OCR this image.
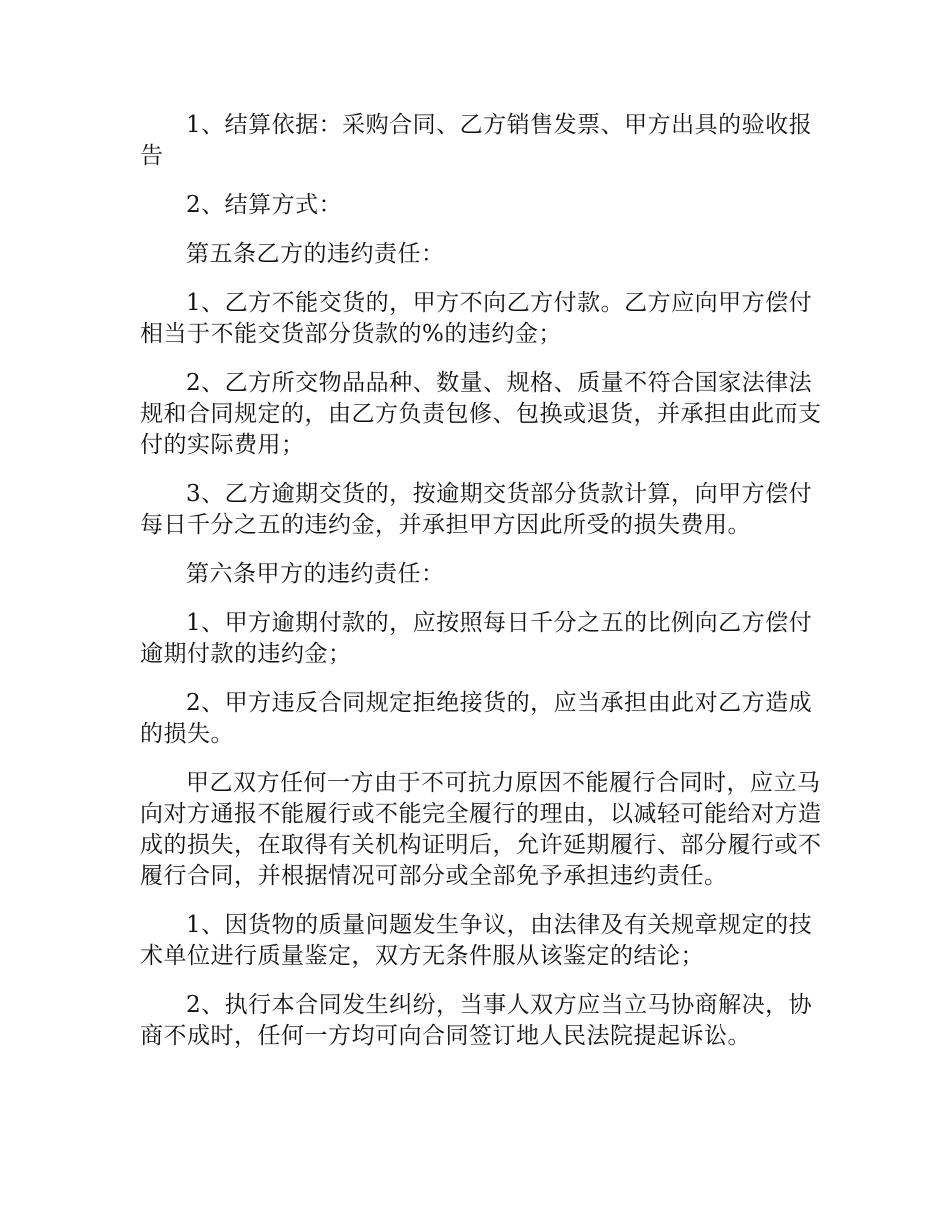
1、结算依据：采购合同、乙方销售发票、甲方出具的验收报告

2、结算方式：

第五条乙方的违约责任：

1、乙方不能交货的，甲方不向乙方付款。乙方应向甲方偿付相当于不能交货部分货款的%的违约金；

2、乙方所交物品品种、数量、规格、质量不符合国家法律法规和合同规定的，由乙方负责包修、包换或退货，并承担由此而支付的实际费用；

3、乙方逾期交货的，按逾期交货部分货款计算，向甲方偿付每日千分之五的违约金，并承担甲方因此所受的损失费用。

第六条甲方的违约责任：

1、甲方逾期付款的，应按照每日千分之五的比例向乙方偿付逾期付款的违约金；

2、甲方违反合同规定拒绝接货的，应当承担由此对乙方造成的损失。

甲乙双方任何一方由于不可抗力原因不能履行合同时，应立马向对方通报不能履行或不能完全履行的理由，以减轻可能给对方造成的损失，在取得有关机构证明后，允许延期履行、部分履行或不履行合同，并根据情况可部分或全部免予承担违约责任。

1、因货物的质量问题发生争议，由法律及有关规章规定的技术单位进行质量鉴定，双方无条件服从该鉴定的结论；

2、执行本合同发生纠纷，当事人双方应当立马协商解决，协商不成时，任何一方均可向合同签订地人民法院提起诉讼。
